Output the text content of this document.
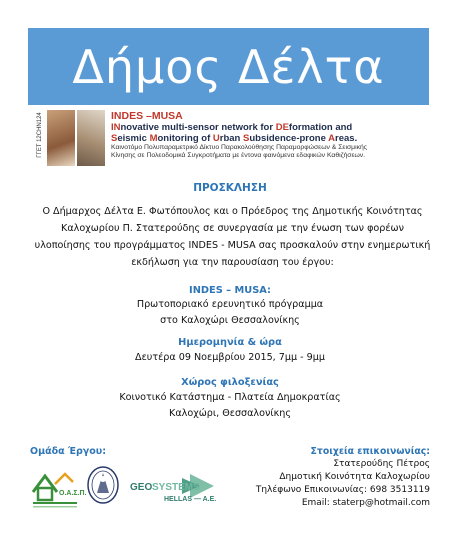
Δήμος Δέλτα
ΓΓΕΤ 12CHN124	INDES –MUSA
INnovative multi-sensor network for DEformation and
Seismic Monitoring of Urban Subsidence-prone Areas.
Καινοτόμο Πολυπαραμετρικό Δίκτυο Παρακολούθησης Παραμορφώσεων & Σεισμικής
Κίνησης σε Πολεοδομικά Συγκροτήματα με έντονα φαινόμενα εδαφικών Καθιζήσεων.
ΠΡΟΣΚΛΗΣΗ
Ο Δήμαρχος Δέλτα Ε. Φωτόπουλος και ο Πρόεδρος της Δημοτικής Κοινότητας
Καλοχωρίου Π. Στατερούδης σε συνεργασία με την ένωση των φορέων
υλοποίησης του προγράμματος INDES - MUSA σας προσκαλούν στην ενημερωτική
εκδήλωση για την παρουσίαση του έργου:
INDES – MUSA:
Πρωτοποριακό ερευνητικό πρόγραμμα
στο Καλοχώρι Θεσσαλονίκης
Ημερομηνία & ώρα
Δευτέρα 09 Νοεμβρίου 2015, 7μμ - 9μμ
Χώρος φιλοξενίας
Κοινοτικό Κατάστημα - Πλατεία Δημοκρατίας
Καλοχώρι, Θεσσαλονίκης
Ομάδα Έργου:
Ο.Α.Σ.Π.
GEO SYSTEMS
HELLAS — A.E.
Στοιχεία επικοινωνίας:
Στατερούδης Πέτρος
Δημοτική Κοινότητα Καλοχωρίου
Τηλέφωνο Επικοινωνίας: 698 3513119
Email: staterp@hotmail.com
